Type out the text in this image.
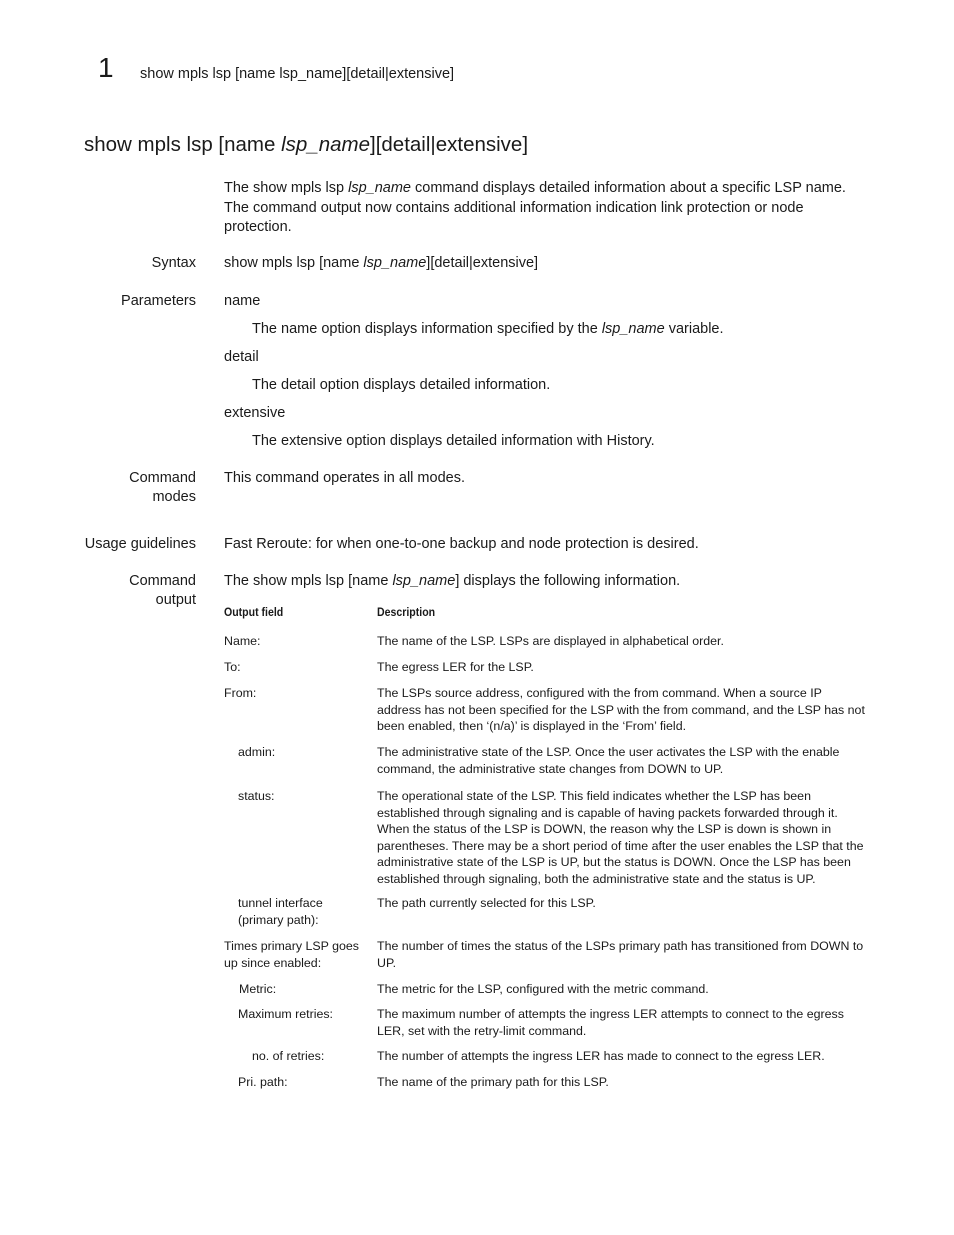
1 show mpls lsp [name lsp_name][detail|extensive]
show mpls lsp [name lsp_name][detail|extensive]

The show mpls lsp lsp_name command displays detailed information about a specific LSP name. The command output now contains additional information indication link protection or node protection.

Syntax show mpls lsp [name lsp_name][detail|extensive]
Parameters name
The name option displays information specified by the lsp_name variable.
detail
The detail option displays detailed information.
extensive
The extensive option displays detailed information with History.
Command
modes
This command operates in all modes.
Usage guidelines Fast Reroute: for when one-to-one backup and node protection is desired.
Command
output
The show mpls lsp [name lsp_name] displays the following information.
Output field	Description
Name:	The name of the LSP. LSPs are displayed in alphabetical order.
To:	The egress LER for the LSP.
From:	The LSPs source address, configured with the from command. When a source IP address has not been specified for the LSP with the from command, and the LSP has not been enabled, then ‘(n/a)’ is displayed in the ‘From’ field.
admin:	The administrative state of the LSP. Once the user activates the LSP with the enable command, the administrative state changes from DOWN to UP.
status:	The operational state of the LSP. This field indicates whether the LSP has been established through signaling and is capable of having packets forwarded through it. When the status of the LSP is DOWN, the reason why the LSP is down is shown in parentheses. There may be a short period of time after the user enables the LSP that the administrative state of the LSP is UP, but the status is DOWN. Once the LSP has been established through signaling, both the administrative state and the status is UP.
tunnel interface (primary path):
The path currently selected for this LSP.
Times primary LSP goes up since enabled:
The number of times the status of the LSPs primary path has transitioned from DOWN to UP.
Metric:	The metric for the LSP, configured with the metric command.
Maximum retries:	The maximum number of attempts the ingress LER attempts to connect to the egress LER, set with the retry-limit command.
no. of retries:	The number of attempts the ingress LER has made to connect to the egress LER.
Pri. path:	The name of the primary path for this LSP.
